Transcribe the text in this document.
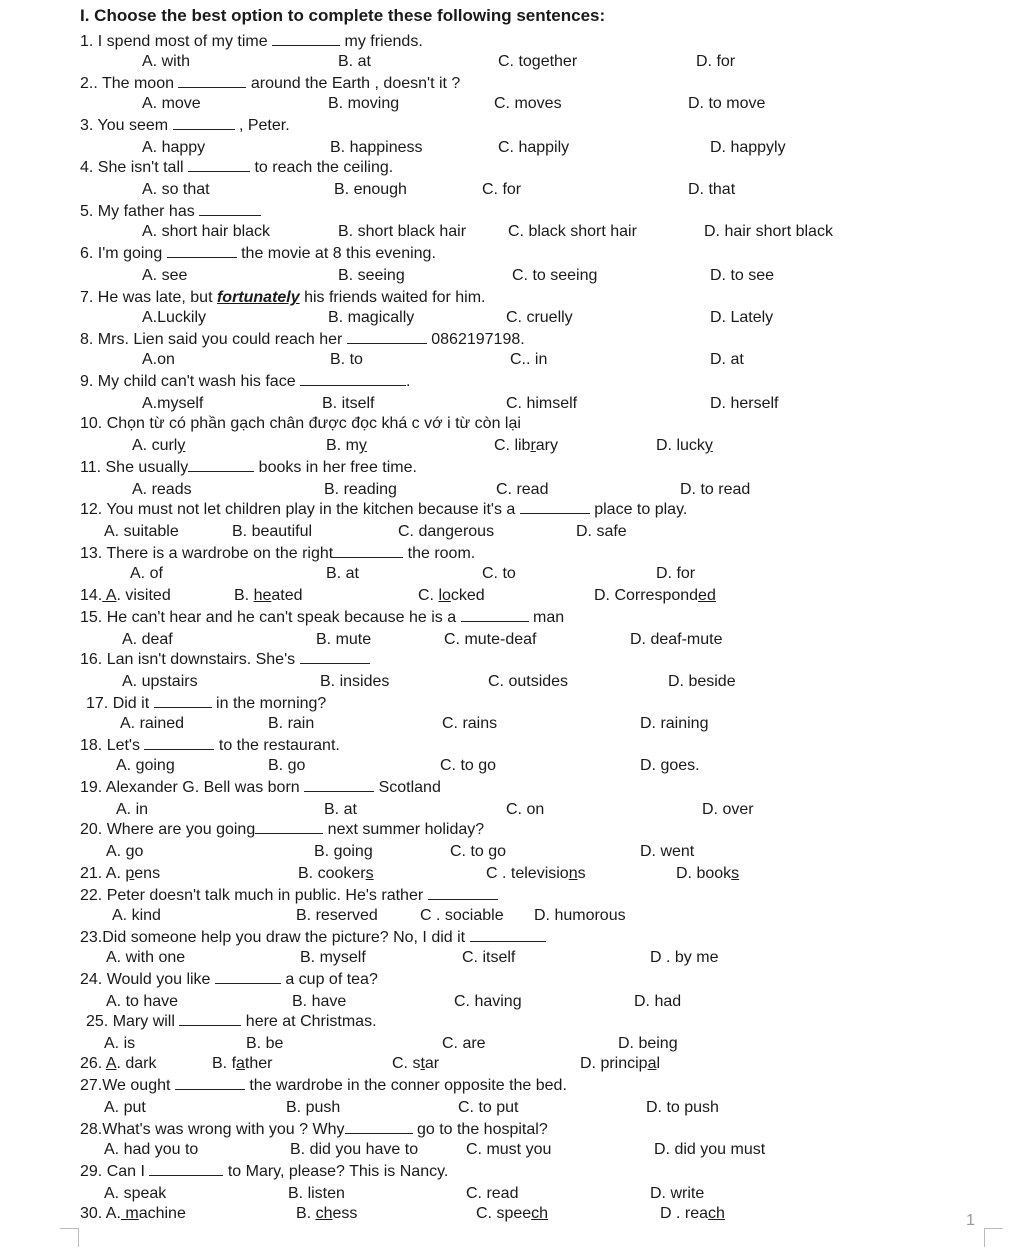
I. Choose the best option to complete these following sentences:
1. I spend most of my time	my friends.
A. with	B. at	C. together	D. for
2.. The moon	around the Earth , doesn't it ?
A. move	B. moving	C. moves	D. to move
3. You seem	, Peter.
A. happy	B. happiness	C. happily	D. happyly
4. She isn't tall	to reach the ceiling.
A. so that	B. enough	C. for	D. that
5. My father has
A. short hair black	B. short black hair	C. black short hair	D. hair short black
6. I'm going	the movie at 8 this evening.
A. see	B. seeing	C. to seeing	D. to see
7. He was late, but fortunately his friends waited for him.
A.Luckily	B. magically	C. cruelly	D. Lately
8. Mrs. Lien said you could reach her	0862197198.
A.on	B. to	C.. in	D. at
9. My child can't wash his face	.
A.myself	B. itself	C. himself	D. herself
10. Chọn từ có phần gạch chân được đọc khá c vớ i từ còn lại
A. curly	B. my	C. library	D. lucky
11. She usually	books in her free time.
A. reads	B. reading	C. read	D. to read
12. You must not let children play in the kitchen because it's a	place to play.
A. suitable	B. beautiful	C. dangerous	D. safe
13. There is a wardrobe on the right	the room.
A. of	B. at	C. to	D. for
14. A. visited	B. heated	C. locked	D. Corresponded
15. He can't hear and he can't speak because he is a	man
A. deaf	B. mute	C. mute-deaf	D. deaf-mute
16. Lan isn't downstairs. She's
A. upstairs	B. insides	C. outsides	D. beside
17. Did it	in the morning?
A. rained	B. rain	C. rains	D. raining
18. Let's	to the restaurant.
A. going	B. go	C. to go	D. goes.
19. Alexander G. Bell was born	Scotland
A. in	B. at	C. on	D. over
20. Where are you going	next summer holiday?
A. go	B. going	C. to go	D. went
21. A. pens	B. cookers	C . televisions	D. books
22. Peter doesn't talk much in public. He's rather
A. kind	B. reserved	C . sociable D. humorous
23.Did someone help you draw the picture? No, I did it
A. with one	B. myself	C. itself	D . by me
24. Would you like	a cup of tea?
A. to have	B. have	C. having	D. had
25. Mary will	here at Christmas.
A. is	B. be	C. are	D. being
26. A. dark	B. father	C. star	D. principal
27.We ought	the wardrobe in the conner opposite the bed.
A. put	B. push	C. to put	D. to push
28.What's was wrong with you ? Why	go to the hospital?
A. had you to	B. did you have to	C. must you	D. did you must
29. Can I	to Mary, please? This is Nancy.
A. speak	B. listen	C. read	D. write
30. A. machine	B. chess	C. speech	D . reach	1
